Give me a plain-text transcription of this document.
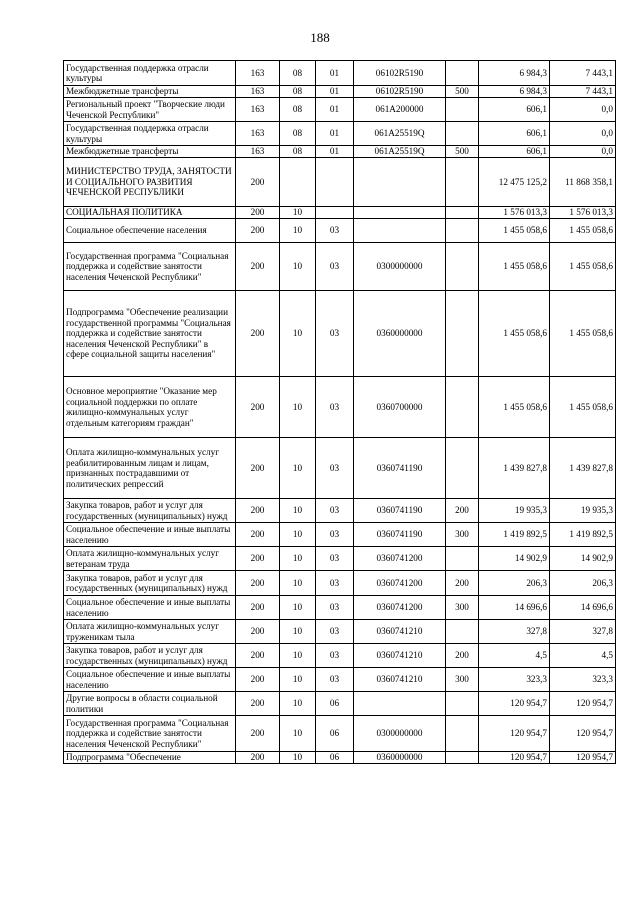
188
Государственная поддержка отрасли культуры	163	08	01	06102R5190		6 984,3	7 443,1
Межбюджетные трансферты	163	08	01	06102R5190	500	6 984,3	7 443,1
Региональный проект "Творческие люди Чеченской Республики"	163	08	01	061A200000		606,1	0,0
Государственная поддержка отрасли культуры	163	08	01	061A25519Q		606,1	0,0
Межбюджетные трансферты	163	08	01	061A25519Q	500	606,1	0,0
МИНИСТЕРСТВО ТРУДА, ЗАНЯТОСТИ И СОЦИАЛЬНОГО РАЗВИТИЯ ЧЕЧЕНСКОЙ РЕСПУБЛИКИ	200					12 475 125,2	11 868 358,1
СОЦИАЛЬНАЯ ПОЛИТИКА	200	10				1 576 013,3	1 576 013,3
Социальное обеспечение населения	200	10	03			1 455 058,6	1 455 058,6
Государственная программа "Социальная поддержка и содействие занятости населения Чеченской Республики"	200	10	03	0300000000		1 455 058,6	1 455 058,6
Подпрограмма "Обеспечение реализации государственной программы "Социальная поддержка и содействие занятости населения Чеченской Республики" в сфере социальной защиты населения"	200	10	03	0360000000		1 455 058,6	1 455 058,6
Основное мероприятие "Оказание мер социальной поддержки по оплате жилищно-коммунальных услуг отдельным категориям граждан"	200	10	03	0360700000		1 455 058,6	1 455 058,6
Оплата жилищно-коммунальных услуг реабилитированным лицам и лицам, признанных пострадавшими от политических репрессий	200	10	03	0360741190		1 439 827,8	1 439 827,8
Закупка товаров, работ и услуг для государственных (муниципальных) нужд	200	10	03	0360741190	200	19 935,3	19 935,3
Социальное обеспечение и иные выплаты населению	200	10	03	0360741190	300	1 419 892,5	1 419 892,5
Оплата жилищно-коммунальных услуг ветеранам труда	200	10	03	0360741200		14 902,9	14 902,9
Закупка товаров, работ и услуг для государственных (муниципальных) нужд	200	10	03	0360741200	200	206,3	206,3
Социальное обеспечение и иные выплаты населению	200	10	03	0360741200	300	14 696,6	14 696,6
Оплата жилищно-коммунальных услуг труженикам тыла	200	10	03	0360741210		327,8	327,8
Закупка товаров, работ и услуг для государственных (муниципальных) нужд	200	10	03	0360741210	200	4,5	4,5
Социальное обеспечение и иные выплаты населению	200	10	03	0360741210	300	323,3	323,3
Другие вопросы в области социальной политики	200	10	06			120 954,7	120 954,7
Государственная программа "Социальная поддержка и содействие занятости населения Чеченской Республики"	200	10	06	0300000000		120 954,7	120 954,7
Подпрограмма "Обеспечение	200	10	06	0360000000		120 954,7	120 954,7
